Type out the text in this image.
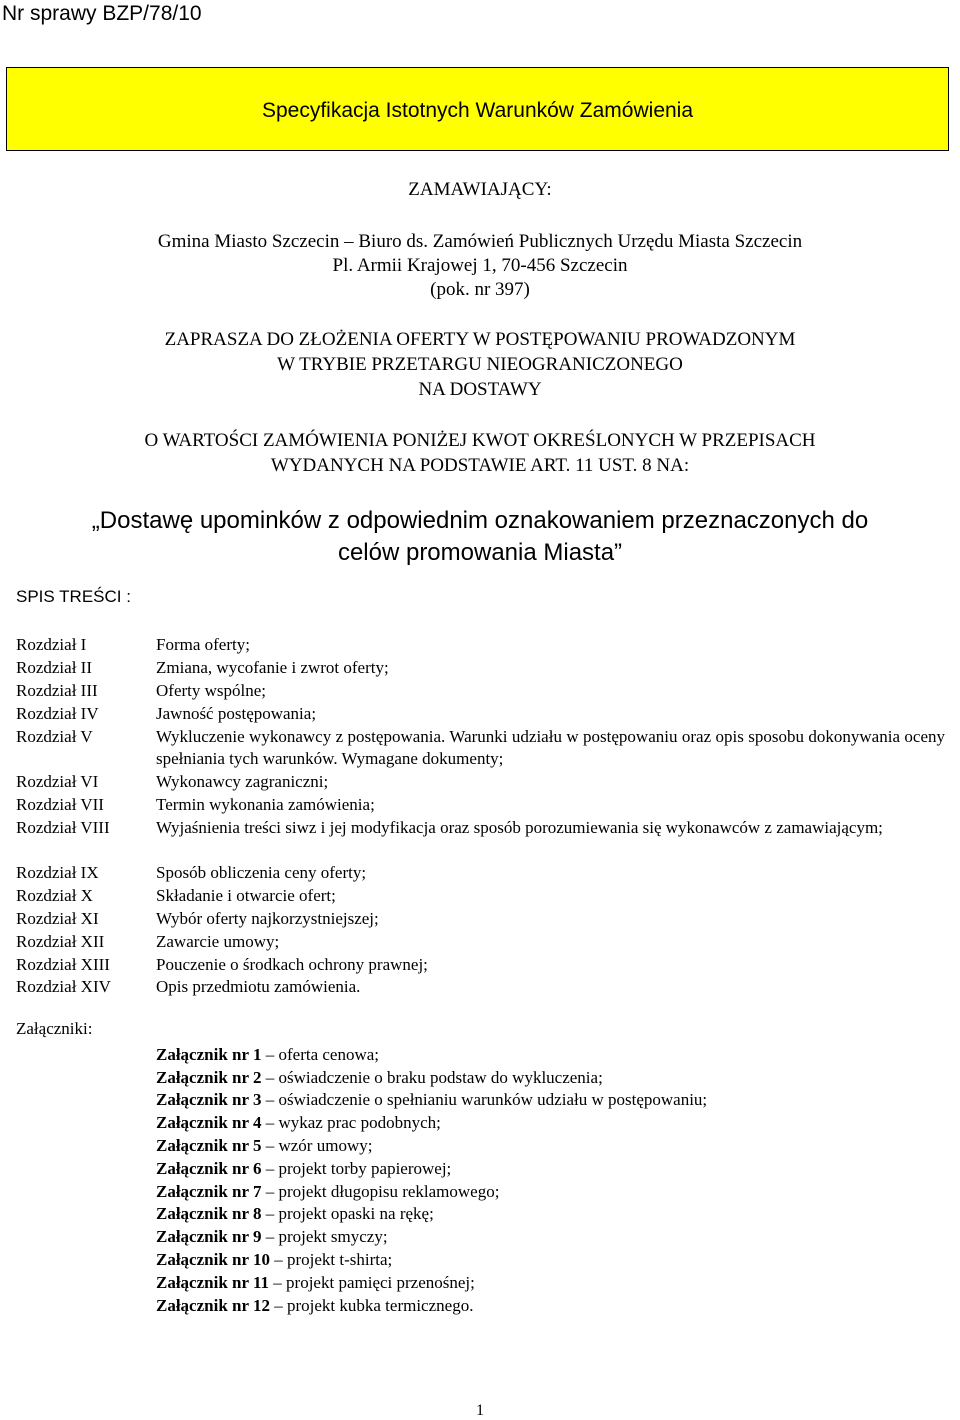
Nr sprawy BZP/78/10
Specyfikacja Istotnych Warunków Zamówienia
ZAMAWIAJĄCY:
Gmina Miasto Szczecin – Biuro ds. Zamówień Publicznych Urzędu Miasta Szczecin
Pl. Armii Krajowej 1, 70-456 Szczecin
(pok. nr 397)
ZAPRASZA DO ZŁOŻENIA OFERTY W POSTĘPOWANIU PROWADZONYM
W TRYBIE PRZETARGU NIEOGRANICZONEGO
NA DOSTAWY
O WARTOŚCI ZAMÓWIENIA PONIŻEJ KWOT OKREŚLONYCH W PRZEPISACH
WYDANYCH NA PODSTAWIE ART. 11 UST. 8 NA:
„Dostawę upominków z odpowiednim oznakowaniem przeznaczonych do
celów promowania Miasta”
SPIS TREŚCI :
Rozdział I	Forma oferty;
Rozdział II	Zmiana, wycofanie i zwrot oferty;
Rozdział III	Oferty wspólne;
Rozdział IV	Jawność postępowania;
Rozdział V	Wykluczenie wykonawcy z postępowania. Warunki udziału w postępowaniu oraz opis sposobu dokonywania oceny spełniania tych warunków. Wymagane dokumenty;
Rozdział VI	Wykonawcy zagraniczni;
Rozdział VII	Termin wykonania zamówienia;
Rozdział VIII	Wyjaśnienia treści siwz i jej modyfikacja oraz sposób porozumiewania się wykonawców z zamawiającym;
Rozdział IX	Sposób obliczenia ceny oferty;
Rozdział X	Składanie i otwarcie ofert;
Rozdział XI	Wybór oferty najkorzystniejszej;
Rozdział XII	Zawarcie umowy;
Rozdział XIII	Pouczenie o środkach ochrony prawnej;
Rozdział XIV	Opis przedmiotu zamówienia.
Załączniki:
Załącznik nr 1 – oferta cenowa;
Załącznik nr 2 – oświadczenie o braku podstaw do wykluczenia;
Załącznik nr 3 – oświadczenie o spełnianiu warunków udziału w postępowaniu;
Załącznik nr 4 – wykaz prac podobnych;
Załącznik nr 5 – wzór umowy;
Załącznik nr 6 – projekt torby papierowej;
Załącznik nr 7 – projekt długopisu reklamowego;
Załącznik nr 8 – projekt opaski na rękę;
Załącznik nr 9 – projekt smyczy;
Załącznik nr 10 – projekt t-shirta;
Załącznik nr 11 – projekt pamięci przenośnej;
Załącznik nr 12 – projekt kubka termicznego.
1
